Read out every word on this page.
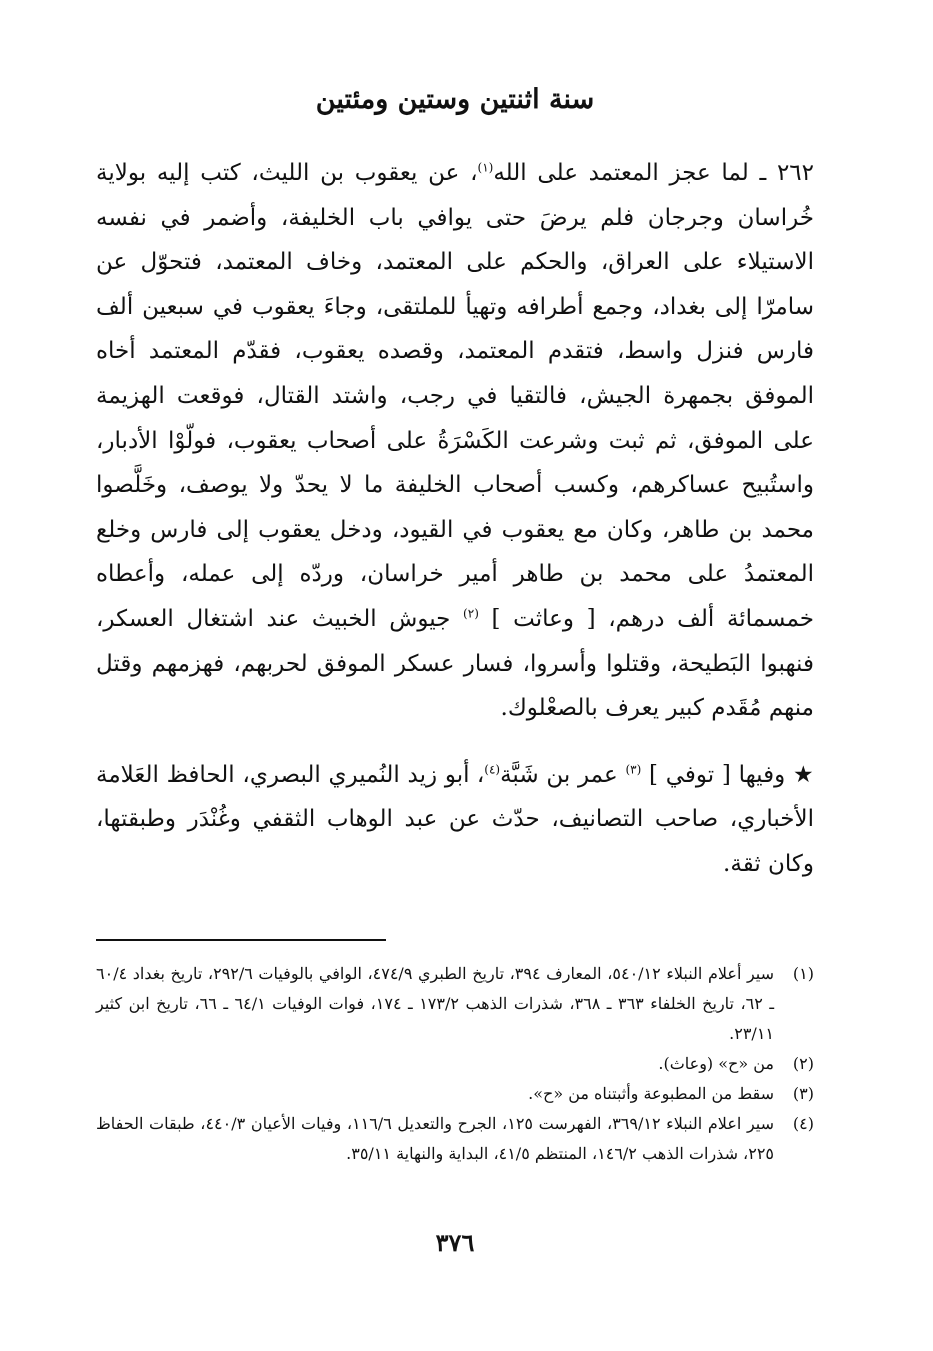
سنة اثنتين وستين ومئتين

٢٦٢ ـ لما عجز المعتمد على الله$^{(١)}$، عن يعقوب بن الليث، كتب إليه بولاية خُراسان وجرجان فلم يرضَ حتى يوافي باب الخليفة، وأضمر في نفسه الاستيلاء على العراق، والحكم على المعتمد، وخاف المعتمد، فتحوّل عن سامرّا إلى بغداد، وجمع أطرافه وتهيأ للملتقى، وجاءَ يعقوب في سبعين ألف فارس فنزل واسط، فتقدم المعتمد، وقصده يعقوب، فقدّم المعتمد أخاه الموفق بجمهرة الجيش، فالتقيا في رجب، واشتد القتال، فوقعت الهزيمة على الموفق، ثم ثبت وشرعت الكَسْرَةُ على أصحاب يعقوب، فولّوْا الأدبار، واستُبيح عساكرهم، وكسب أصحاب الخليفة ما لا يحدّ ولا يوصف، وخَلَّصوا محمد بن طاهر، وكان مع يعقوب في القيود، ودخل يعقوب إلى فارس وخلع المعتمدُ على محمد بن طاهر أمير خراسان، وردّه إلى عمله، وأعطاه خمسمائة ألف درهم، [ وعاثت ] $^{(٢)}$ جيوش الخبيث عند اشتغال العسكر، فنهبوا البَطيحة، وقتلوا وأسروا، فسار عسكر الموفق لحربهم، فهزمهم وقتل منهم مُقَدم كبير يعرف بالصعْلوك.

★ وفيها [ توفي ] $^{(٣)}$ عمر بن شَبَّة$^{(٤)}$، أبو زيد النُميري البصري، الحافظ العَلامة الأخباري، صاحب التصانيف، حدّث عن عبد الوهاب الثقفي وغُنْدَر وطبقتها، وكان ثقة.

(١)
سير أعلام النبلاء ٥٤٠/١٢، المعارف ٣٩٤، تاريخ الطبري ٤٧٤/٩، الوافي بالوفيات ٢٩٢/٦، تاريخ بغداد ٦٠/٤ ـ ٦٢، تاريخ الخلفاء ٣٦٣ ـ ٣٦٨، شذرات الذهب ١٧٣/٢ ـ ١٧٤، فوات الوفيات ٦٤/١ ـ ٦٦، تاريخ ابن كثير ٢٣/١١.
(٢)
من «ح» (وعاث).
(٣)
سقط من المطبوعة وأثبتناه من «ح».
(٤)
سير اعلام النبلاء ٣٦٩/١٢، الفهرست ١٢٥، الجرح والتعديل ١١٦/٦، وفيات الأعيان ٤٤٠/٣، طبقات الحفاظ ٢٢٥، شذرات الذهب ١٤٦/٢، المنتظم ٤١/٥، البداية والنهاية ٣٥/١١.
٣٧٦
